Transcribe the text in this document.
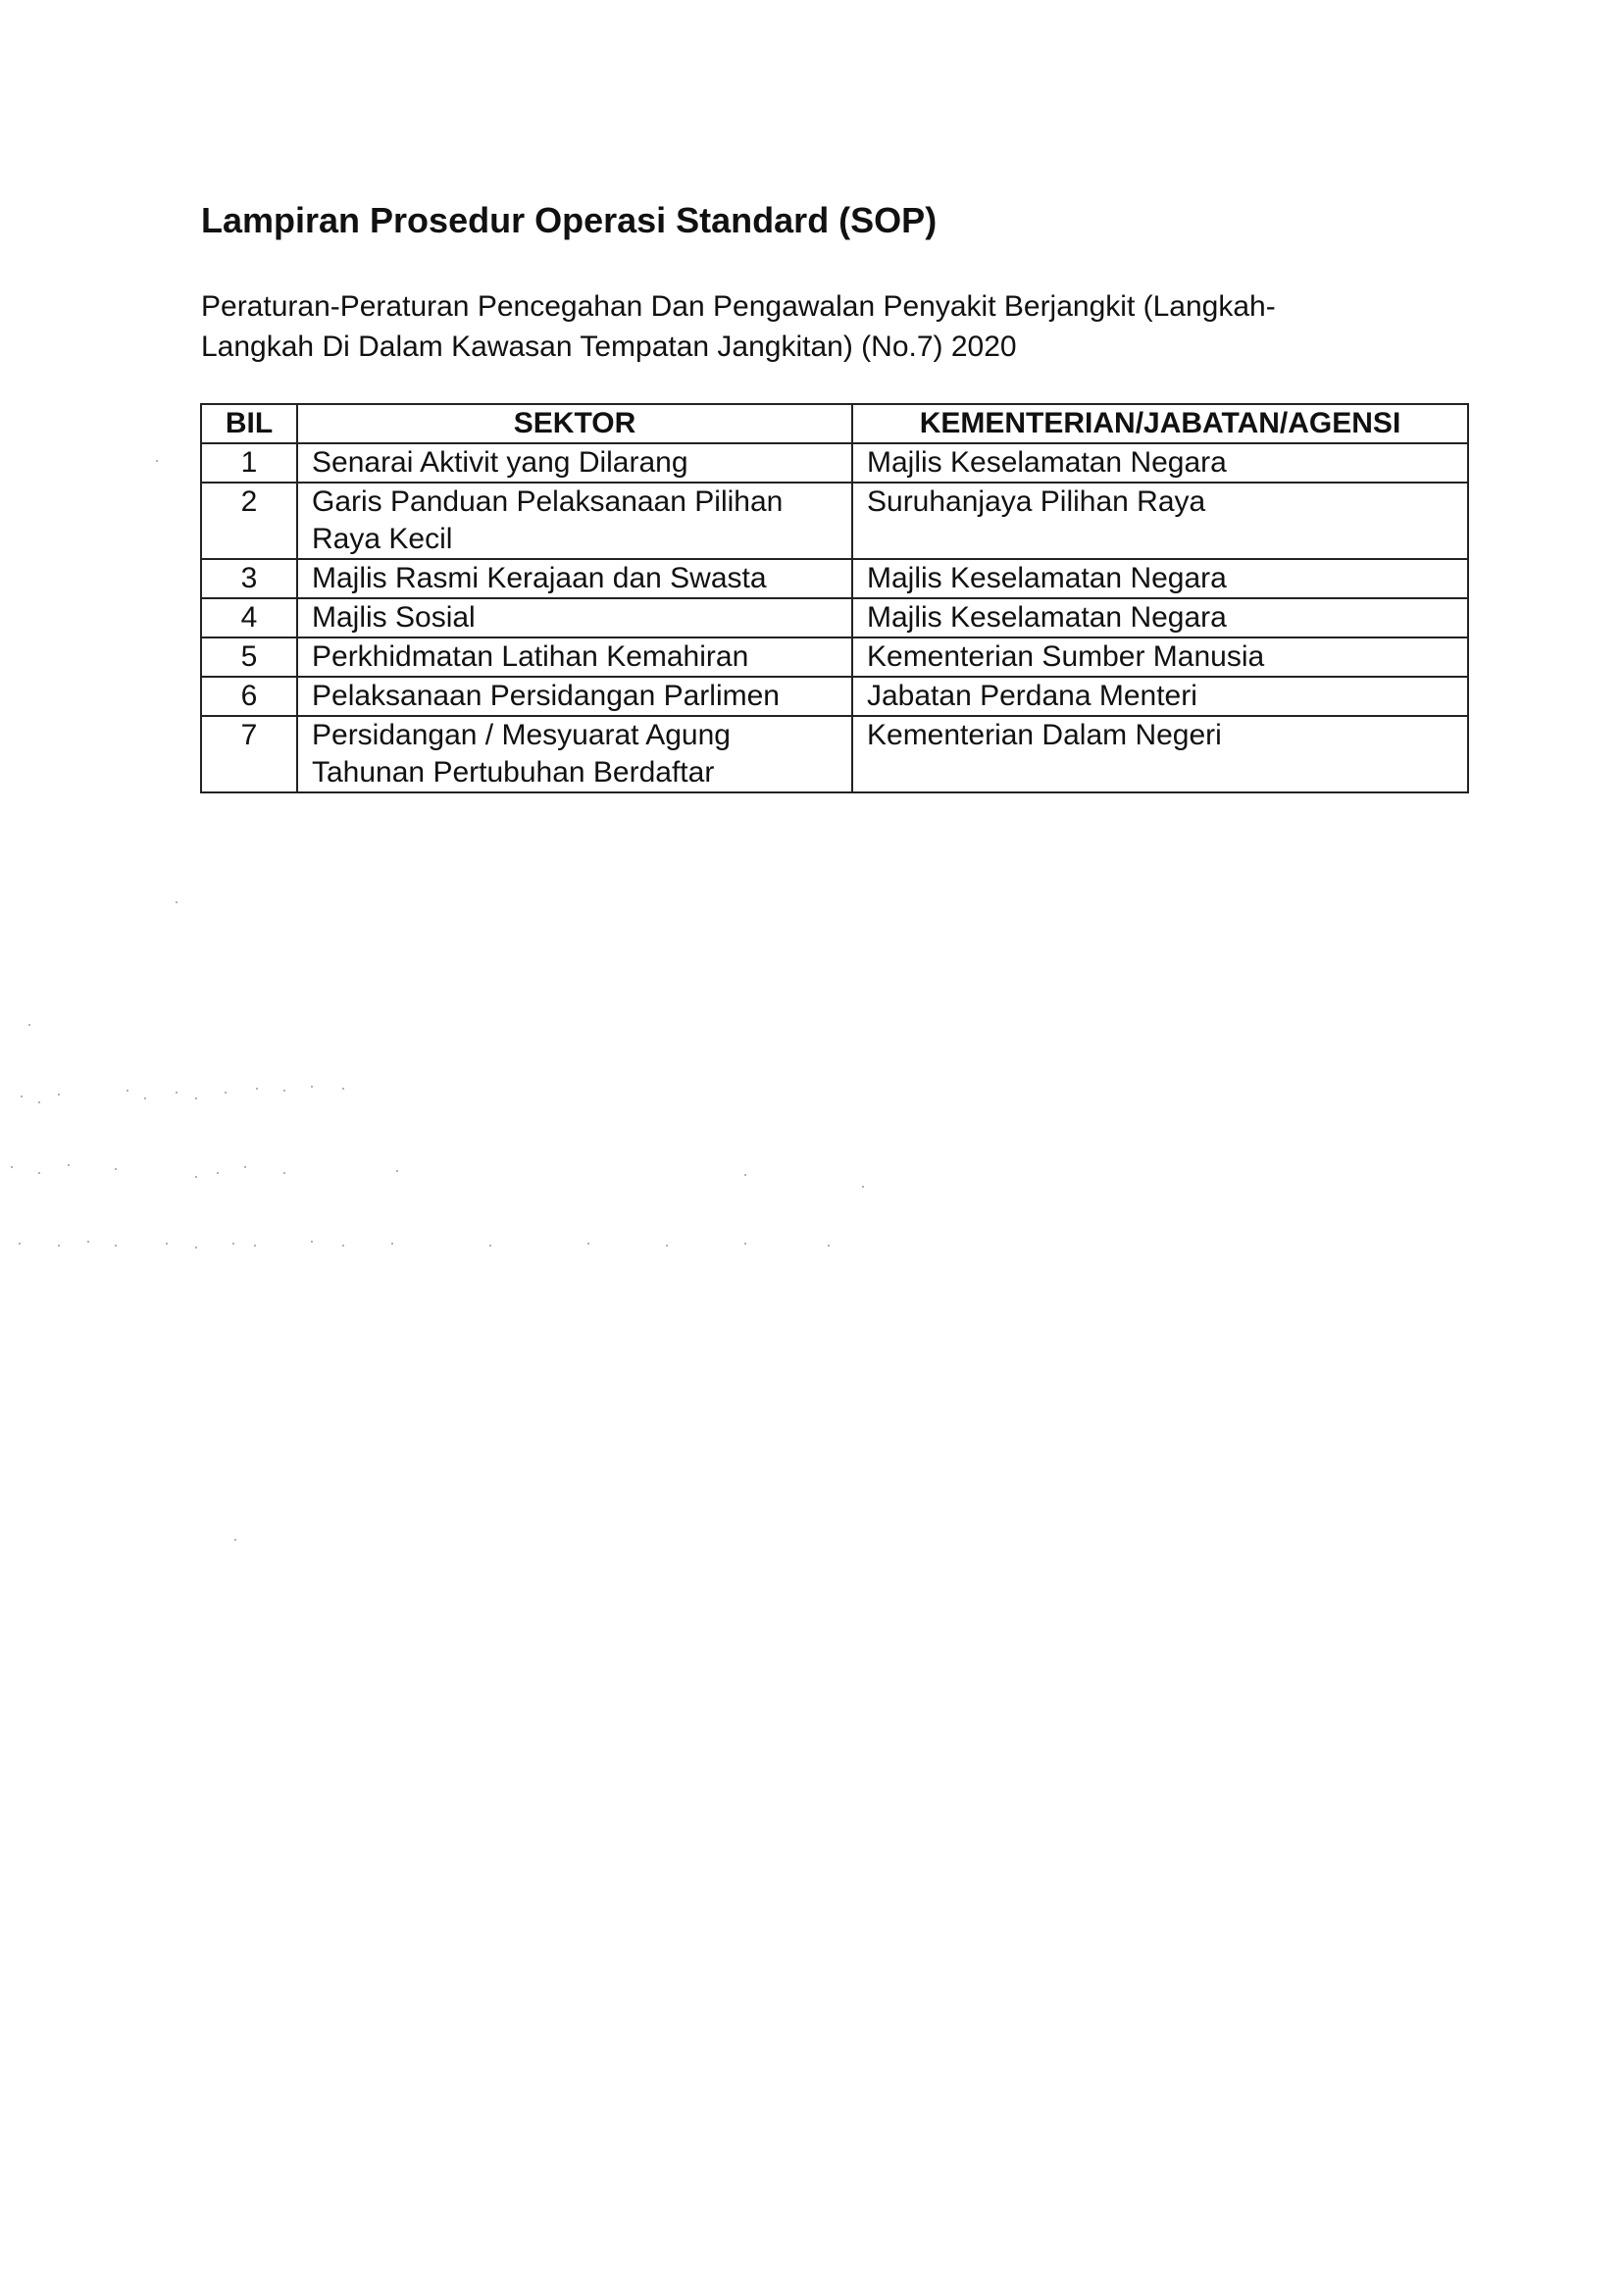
Lampiran Prosedur Operasi Standard (SOP)

Peraturan-Peraturan Pencegahan Dan Pengawalan Penyakit Berjangkit (Langkah-
Langkah Di Dalam Kawasan Tempatan Jangkitan) (No.7) 2020

BIL	SEKTOR	KEMENTERIAN/JABATAN/AGENSI
1	Senarai Aktivit yang Dilarang	Majlis Keselamatan Negara
2	Garis Panduan Pelaksanaan Pilihan
Raya Kecil	Suruhanjaya Pilihan Raya
3	Majlis Rasmi Kerajaan dan Swasta	Majlis Keselamatan Negara
4	Majlis Sosial	Majlis Keselamatan Negara
5	Perkhidmatan Latihan Kemahiran	Kementerian Sumber Manusia
6	Pelaksanaan Persidangan Parlimen	Jabatan Perdana Menteri
7	Persidangan / Mesyuarat Agung
Tahunan Pertubuhan Berdaftar	Kementerian Dalam Negeri
